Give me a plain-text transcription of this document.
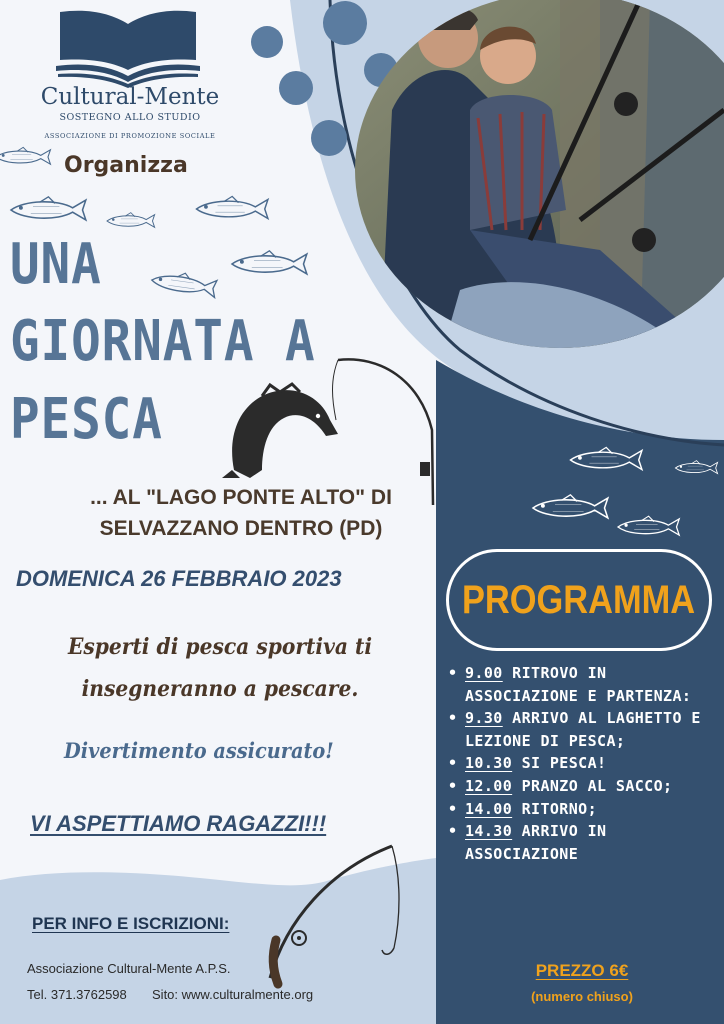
Cultural-Mente
SOSTEGNO ALLO STUDIO
ASSOCIAZIONE DI PROMOZIONE SOCIALE
Organizza
UNA
GIORNATA A
PESCA
... AL "LAGO PONTE ALTO" DI
SELVAZZANO DENTRO (PD)
DOMENICA 26 FEBBRAIO 2023
Esperti di pesca sportiva ti
insegneranno a pescare.
Divertimento assicurato!
VI ASPETTIAMO RAGAZZI!!!
PER INFO E ISCRIZIONI:
Associazione Cultural-Mente A.P.S.
Tel. 371.3762598 Sito: www.culturalmente.org
PROGRAMMA
• 9.00 RITROVO IN ASSOCIAZIONE E PARTENZA:
• 9.30 ARRIVO AL LAGHETTO E LEZIONE DI PESCA;
• 10.30 SI PESCA!
• 12.00 PRANZO AL SACCO;
• 14.00 RITORNO;
• 14.30 ARRIVO IN ASSOCIAZIONE
PREZZO 6€
(numero chiuso)
